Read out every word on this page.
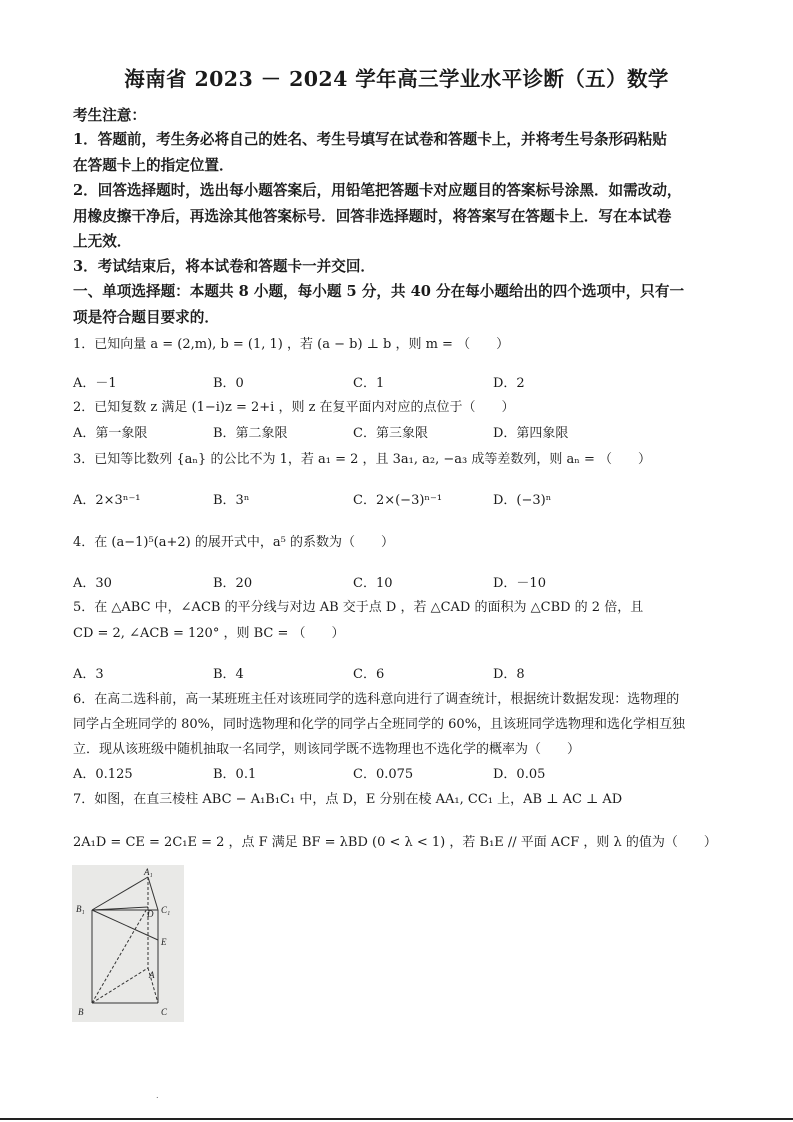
海南省 2023 － 2024 学年高三学业水平诊断（五）数学
考生注意：
1．答题前，考生务必将自己的姓名、考生号填写在试卷和答题卡上，并将考生号条形码粘贴
在答题卡上的指定位置．
2．回答选择题时，选出每小题答案后，用铅笔把答题卡对应题目的答案标号涂黑．如需改动，
用橡皮擦干净后，再选涂其他答案标号．回答非选择题时，将答案写在答题卡上．写在本试卷
上无效．
3．考试结束后，将本试卷和答题卡一并交回．
一、单项选择题：本题共 8 小题，每小题 5 分，共 40 分在每小题给出的四个选项中，只有一
项是符合题目要求的．
1．已知向量 a = (2,m), b = (1, 1) ，若 (a − b) ⊥ b ，则 m = （　　）
A．－1	B．0	C．1	D．2
2．已知复数 z 满足 (1−i)z = 2+i ，则 z 在复平面内对应的点位于（　　）
A．第一象限	B．第二象限	C．第三象限	D．第四象限
3．已知等比数列 {aₙ} 的公比不为 1，若 a₁ = 2 ，且 3a₁, a₂, −a₃ 成等差数列，则 aₙ = （　　）
A．2×3ⁿ⁻¹	B．3ⁿ	C．2×(−3)ⁿ⁻¹	D．(−3)ⁿ
4．在 (a−1)⁵(a+2) 的展开式中，a⁵ 的系数为（　　）
A．30	B．20	C．10	D．－10
5．在 △ABC 中，∠ACB 的平分线与对边 AB 交于点 D ，若 △CAD 的面积为 △CBD 的 2 倍，且
CD = 2, ∠ACB = 120° ，则 BC = （　　）
A．3	B．4	C．6	D．8
6．在高二选科前，高一某班班主任对该班同学的选科意向进行了调查统计，根据统计数据发现：选物理的
同学占全班同学的 80%，同时选物理和化学的同学占全班同学的 60%，且该班同学选物理和选化学相互独
立．现从该班级中随机抽取一名同学，则该同学既不选物理也不选化学的概率为（　　）
A．0.125	B．0.1	C．0.075	D．0.05
7．如图，在直三棱柱 ABC − A₁B₁C₁ 中，点 D，E 分别在棱 AA₁, CC₁ 上，AB ⊥ AC ⊥ AD
2A₁D = CE = 2C₁E = 2 ，点 F 满足 BF = λBD (0 < λ < 1) ，若 B₁E // 平面 ACF ，则 λ 的值为（　　）
A₁
B₁	C₁
D
E
A
B	C
.
